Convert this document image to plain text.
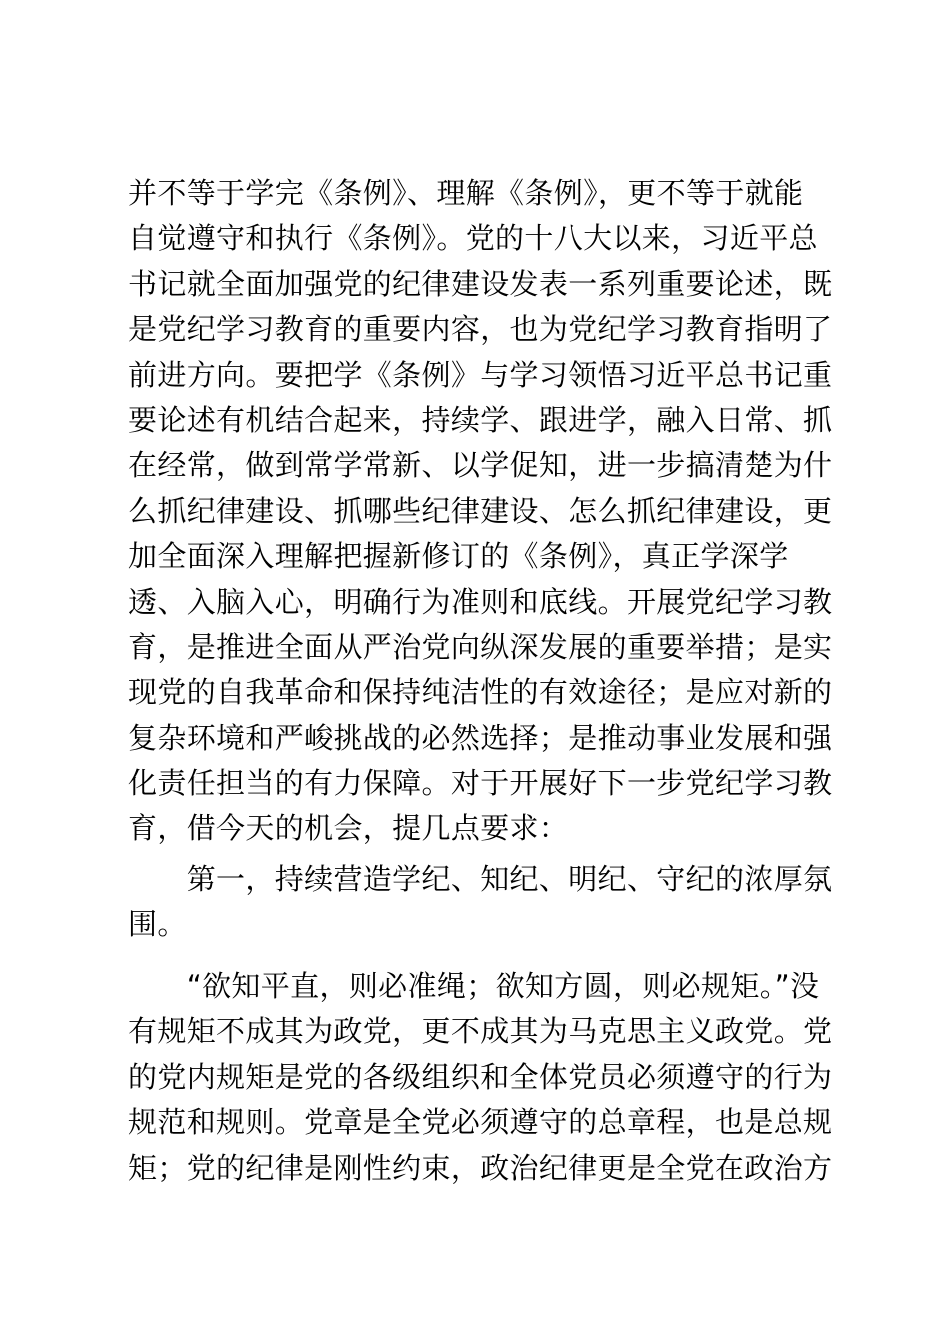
并不等于学完《条例》、理解《条例》，更不等于就能
自觉遵守和执行《条例》。党的十八大以来，习近平总
书记就全面加强党的纪律建设发表一系列重要论述，既
是党纪学习教育的重要内容，也为党纪学习教育指明了
前进方向。要把学《条例》与学习领悟习近平总书记重
要论述有机结合起来，持续学、跟进学，融入日常、抓
在经常，做到常学常新、以学促知，进一步搞清楚为什
么抓纪律建设、抓哪些纪律建设、怎么抓纪律建设，更
加全面深入理解把握新修订的《条例》，真正学深学
透、入脑入心，明确行为准则和底线。开展党纪学习教
育，是推进全面从严治党向纵深发展的重要举措；是实
现党的自我革命和保持纯洁性的有效途径；是应对新的
复杂环境和严峻挑战的必然选择；是推动事业发展和强
化责任担当的有力保障。对于开展好下一步党纪学习教
育，借今天的机会，提几点要求：
　　第一，持续营造学纪、知纪、明纪、守纪的浓厚氛
围。
　　“欲知平直，则必准绳；欲知方圆，则必规矩。”没
有规矩不成其为政党，更不成其为马克思主义政党。党
的党内规矩是党的各级组织和全体党员必须遵守的行为
规范和规则。党章是全党必须遵守的总章程，也是总规
矩；党的纪律是刚性约束，政治纪律更是全党在政治方
